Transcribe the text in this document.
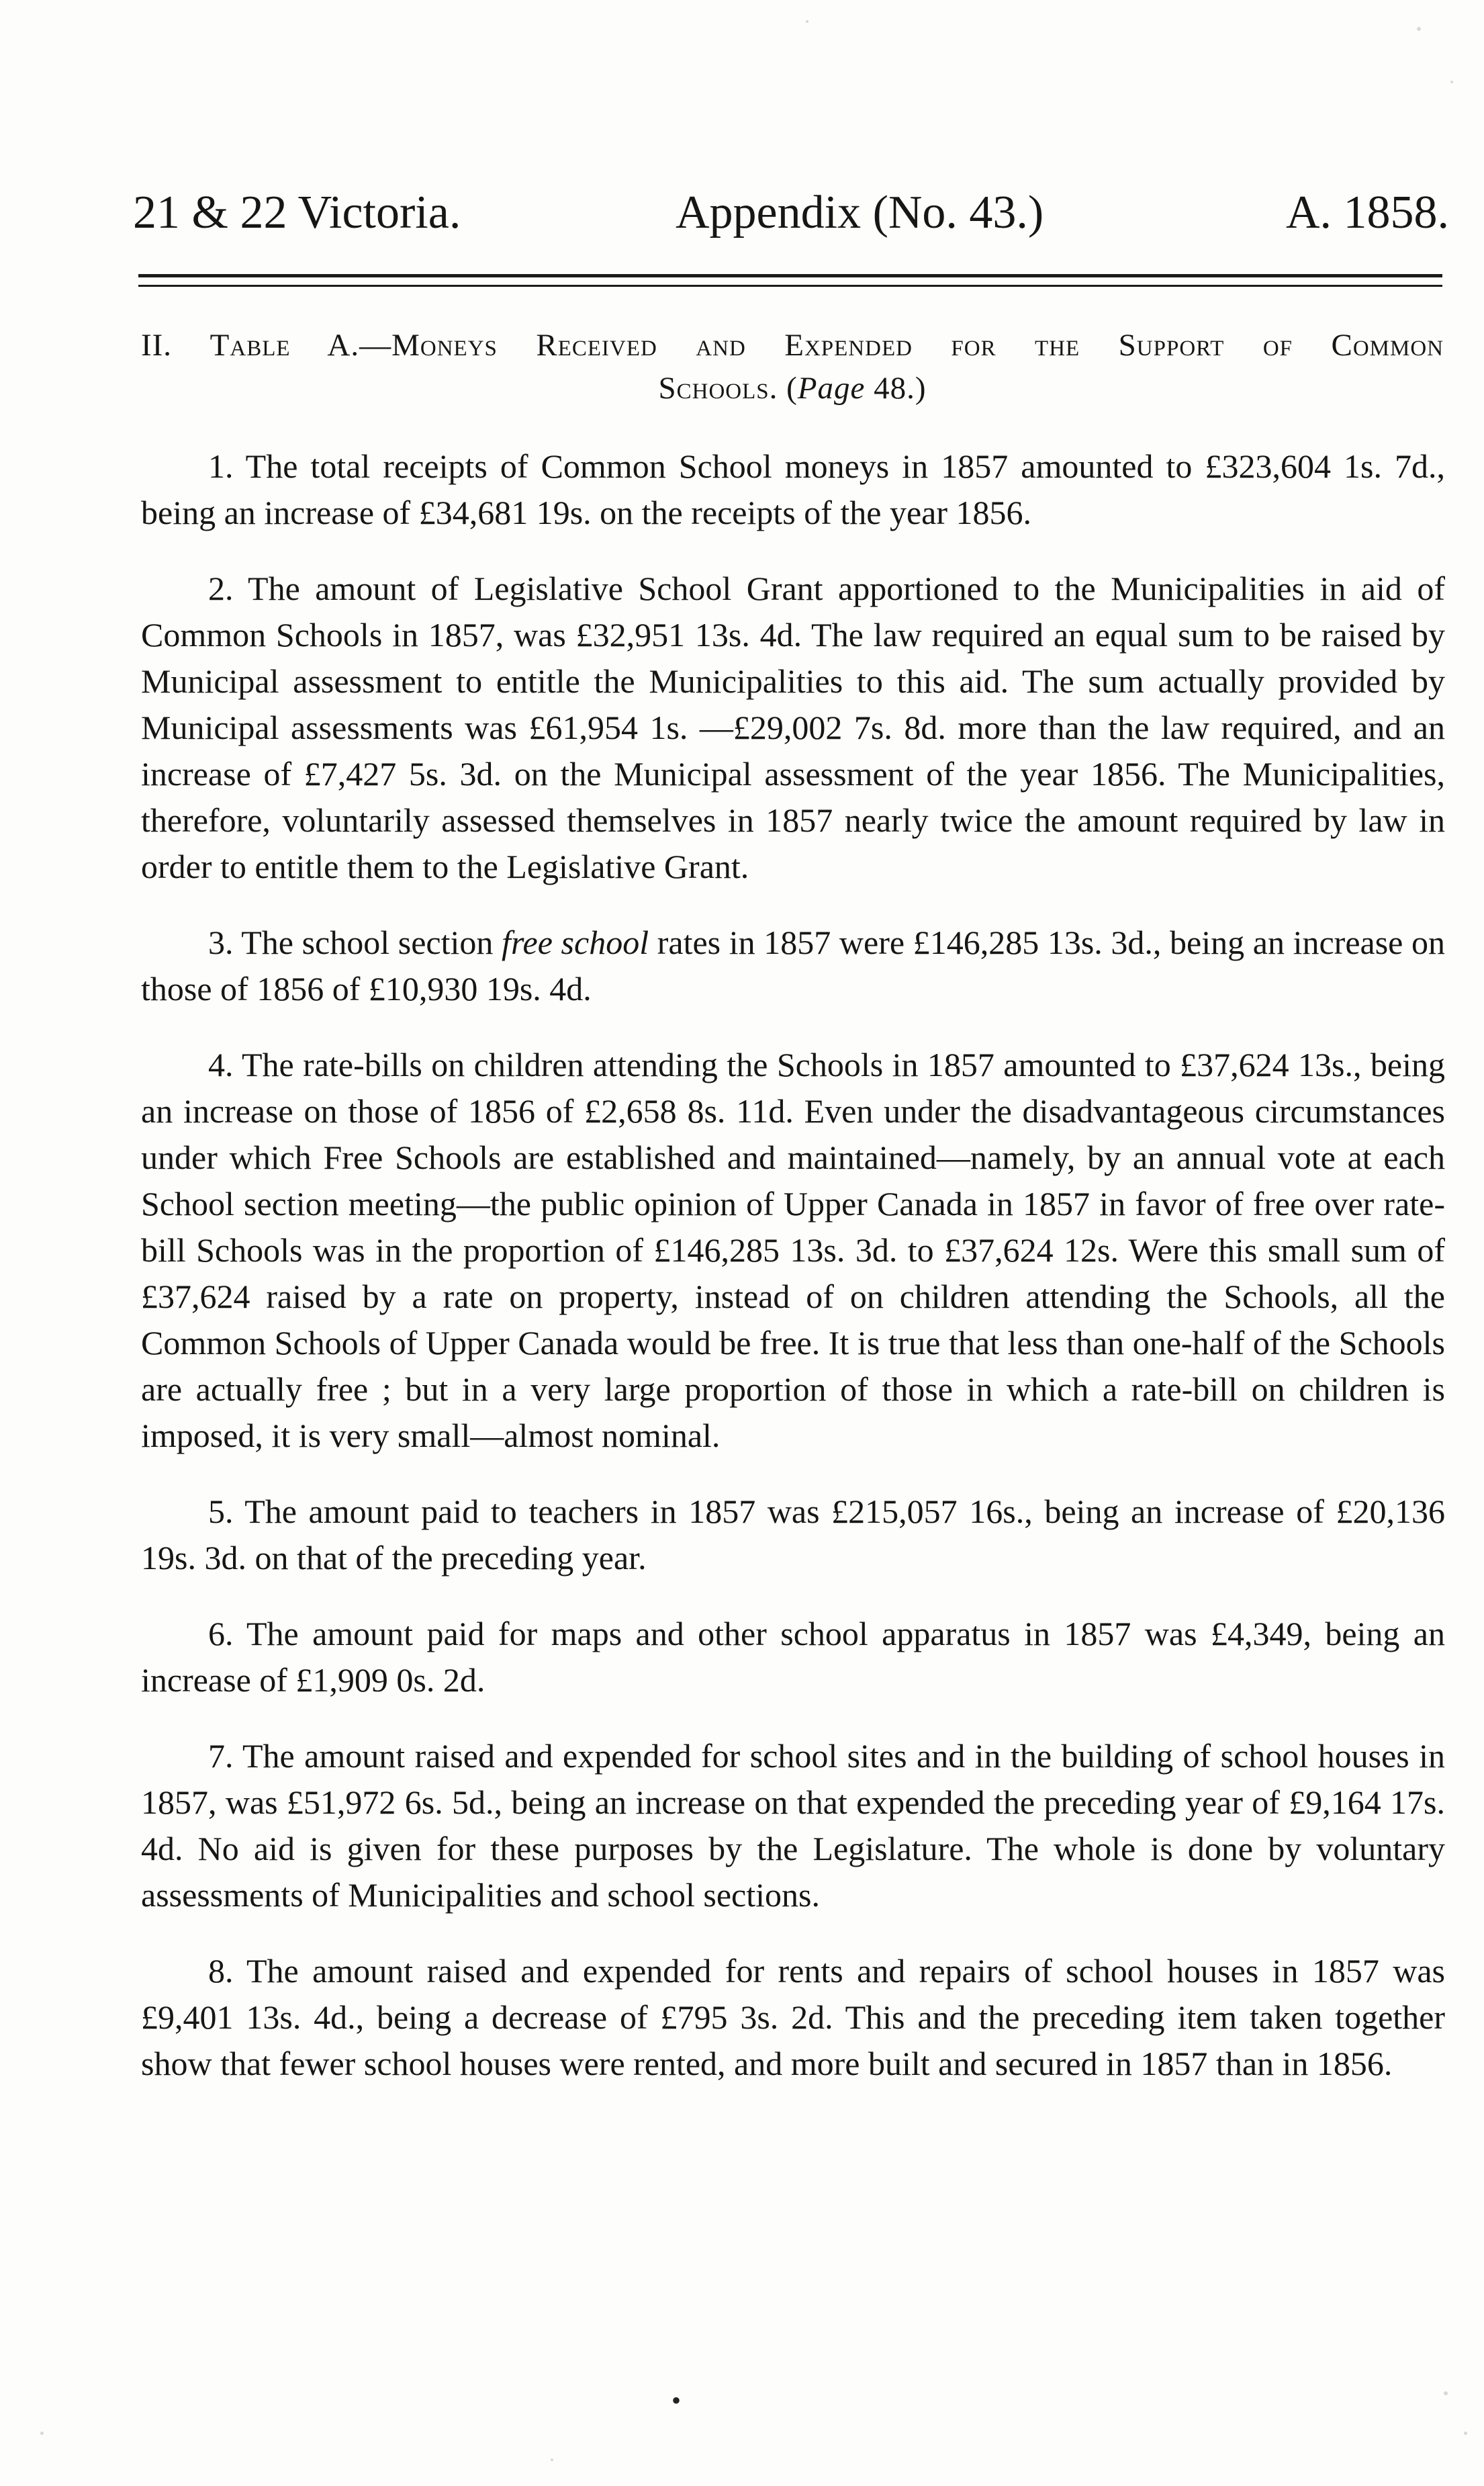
21 & 22 Victoria.	Appendix (No. 43.)	A. 1858.
II. Table A.—Moneys Received and Expended for the Support of Common
Schools. (Page 48.)

1. The total receipts of Common School moneys in 1857 amounted to £323,604 1s. 7d., being an increase of £34,681 19s. on the receipts of the year 1856.

2. The amount of Legislative School Grant apportioned to the Municipalities in aid of Common Schools in 1857, was £32,951 13s. 4d. The law required an equal sum to be raised by Municipal assessment to entitle the Municipalities to this aid. The sum actually provided by Municipal assessments was £61,954 1s. —£29,002 7s. 8d. more than the law required, and an increase of £7,427 5s. 3d. on the Municipal assessment of the year 1856. The Municipalities, therefore, voluntarily assessed themselves in 1857 nearly twice the amount required by law in order to entitle them to the Legislative Grant.

3. The school section free school rates in 1857 were £146,285 13s. 3d., being an increase on those of 1856 of £10,930 19s. 4d.

4. The rate-bills on children attending the Schools in 1857 amounted to £37,624 13s., being an increase on those of 1856 of £2,658 8s. 11d. Even under the disadvantageous circumstances under which Free Schools are established and maintained—namely, by an annual vote at each School section meeting—the public opinion of Upper Canada in 1857 in favor of free over rate-bill Schools was in the proportion of £146,285 13s. 3d. to £37,624 12s. Were this small sum of £37,624 raised by a rate on property, instead of on children attending the Schools, all the Common Schools of Upper Canada would be free. It is true that less than one-half of the Schools are actually free ; but in a very large proportion of those in which a rate-bill on children is imposed, it is very small—almost nominal.

5. The amount paid to teachers in 1857 was £215,057 16s., being an increase of £20,136 19s. 3d. on that of the preceding year.

6. The amount paid for maps and other school apparatus in 1857 was £4,349, being an increase of £1,909 0s. 2d.

7. The amount raised and expended for school sites and in the building of school houses in 1857, was £51,972 6s. 5d., being an increase on that expended the preceding year of £9,164 17s. 4d. No aid is given for these purposes by the Legislature. The whole is done by voluntary assessments of Municipalities and school sections.

8. The amount raised and expended for rents and repairs of school houses in 1857 was £9,401 13s. 4d., being a decrease of £795 3s. 2d. This and the preceding item taken together show that fewer school houses were rented, and more built and secured in 1857 than in 1856.

•
